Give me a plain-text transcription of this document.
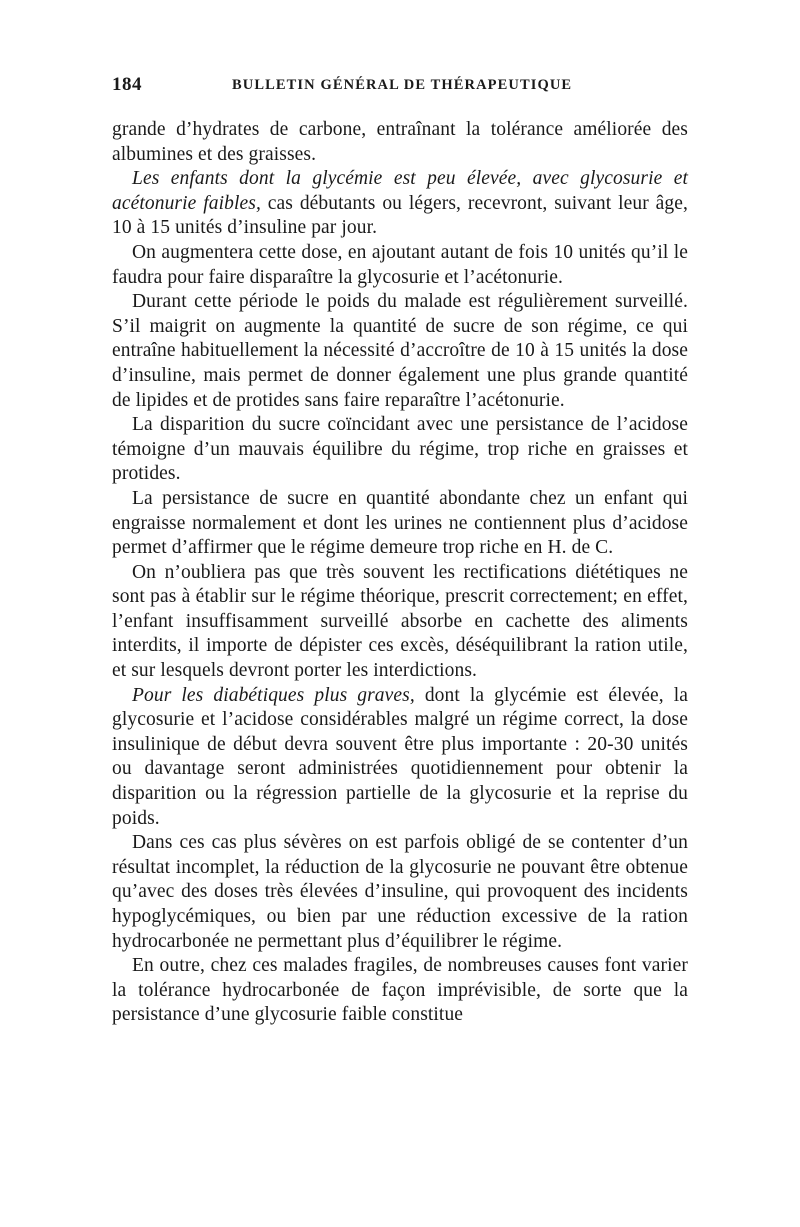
184	BULLETIN GÉNÉRAL DE THÉRAPEUTIQUE

grande d’hydrates de carbone, entraînant la tolérance améliorée des albumines et des graisses.

Les enfants dont la glycémie est peu élevée, avec glycosurie et acétonurie faibles, cas débutants ou légers, recevront, suivant leur âge, 10 à 15 unités d’insuline par jour.

On augmentera cette dose, en ajoutant autant de fois 10 unités qu’il le faudra pour faire disparaître la glycosurie et l’acétonurie.

Durant cette période le poids du malade est régulièrement surveillé. S’il maigrit on augmente la quantité de sucre de son régime, ce qui entraîne habituellement la nécessité d’accroître de 10 à 15 unités la dose d’insuline, mais permet de donner également une plus grande quantité de lipides et de protides sans faire reparaître l’acétonurie.

La disparition du sucre coïncidant avec une persistance de l’acidose témoigne d’un mauvais équilibre du régime, trop riche en graisses et protides.

La persistance de sucre en quantité abondante chez un enfant qui engraisse normalement et dont les urines ne contiennent plus d’acidose permet d’affirmer que le régime demeure trop riche en H. de C.

On n’oubliera pas que très souvent les rectifications diététiques ne sont pas à établir sur le régime théorique, prescrit correctement; en effet, l’enfant insuffisamment surveillé absorbe en cachette des aliments interdits, il importe de dépister ces excès, déséquilibrant la ration utile, et sur lesquels devront porter les interdictions.

Pour les diabétiques plus graves, dont la glycémie est élevée, la glycosurie et l’acidose considérables malgré un régime correct, la dose insulinique de début devra souvent être plus importante : 20-30 unités ou davantage seront administrées quotidiennement pour obtenir la disparition ou la régression partielle de la glycosurie et la reprise du poids.

Dans ces cas plus sévères on est parfois obligé de se contenter d’un résultat incomplet, la réduction de la glycosurie ne pouvant être obtenue qu’avec des doses très élevées d’insuline, qui provoquent des incidents hypoglycémiques, ou bien par une réduction excessive de la ration hydrocarbonée ne permettant plus d’équilibrer le régime.

En outre, chez ces malades fragiles, de nombreuses causes font varier la tolérance hydrocarbonée de façon imprévisible, de sorte que la persistance d’une glycosurie faible constitue
